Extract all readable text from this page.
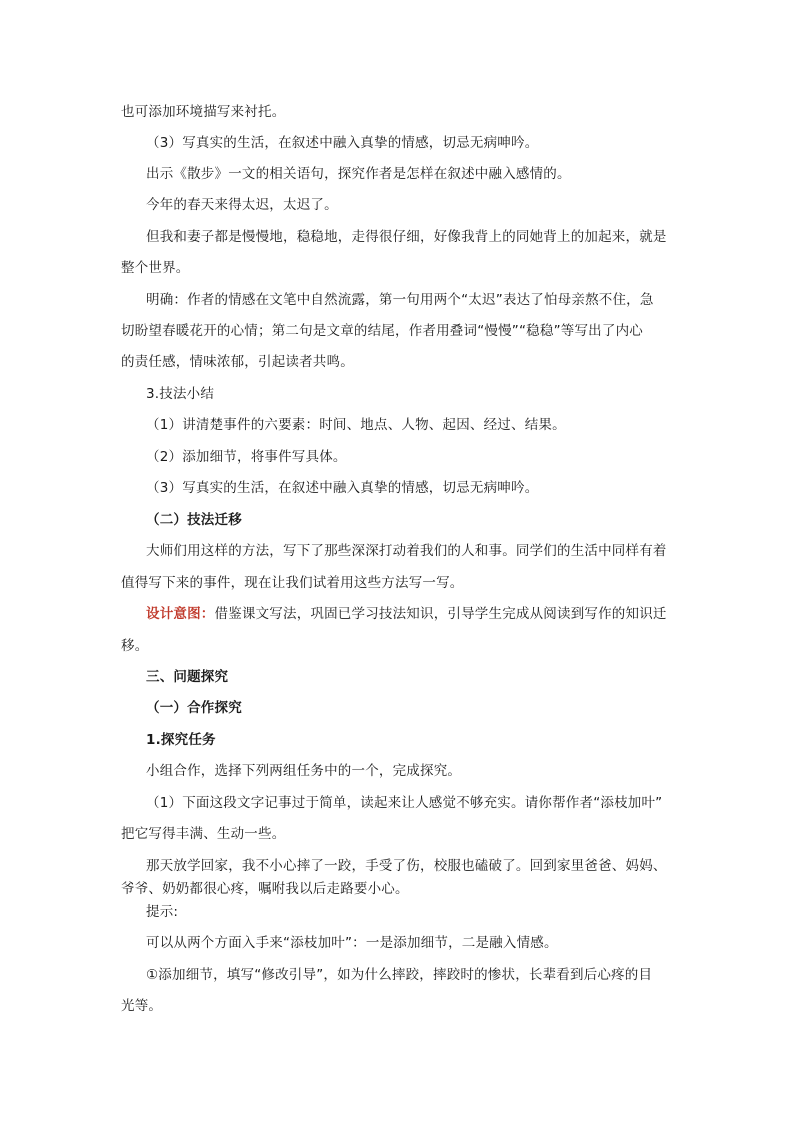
也可添加环境描写来衬托。
（3）写真实的生活，在叙述中融入真挚的情感，切忌无病呻吟。
出示《散步》一文的相关语句，探究作者是怎样在叙述中融入感情的。
今年的春天来得太迟，太迟了。
但我和妻子都是慢慢地，稳稳地，走得很仔细，好像我背上的同她背上的加起来，就是
整个世界。
明确：作者的情感在文笔中自然流露，第一句用两个“太迟”表达了怕母亲熬不住，急
切盼望春暖花开的心情；第二句是文章的结尾，作者用叠词“慢慢”“稳稳”等写出了内心
的责任感，情味浓郁，引起读者共鸣。
3.技法小结
（1）讲清楚事件的六要素：时间、地点、人物、起因、经过、结果。
（2）添加细节，将事件写具体。
（3）写真实的生活，在叙述中融入真挚的情感，切忌无病呻吟。
（二）技法迁移
大师们用这样的方法，写下了那些深深打动着我们的人和事。同学们的生活中同样有着
值得写下来的事件，现在让我们试着用这些方法写一写。
设计意图：借鉴课文写法，巩固已学习技法知识，引导学生完成从阅读到写作的知识迁
移。
三、问题探究
（一）合作探究
1.探究任务
小组合作，选择下列两组任务中的一个，完成探究。
（1）下面这段文字记事过于简单，读起来让人感觉不够充实。请你帮作者“添枝加叶”
把它写得丰满、生动一些。
那天放学回家，我不小心摔了一跤，手受了伤，校服也磕破了。回到家里爸爸、妈妈、
爷爷、奶奶都很心疼，嘱咐我以后走路要小心。
提示:
可以从两个方面入手来“添枝加叶”：一是添加细节，二是融入情感。
①添加细节，填写“修改引导”，如为什么摔跤，摔跤时的惨状，长辈看到后心疼的目
光等。
